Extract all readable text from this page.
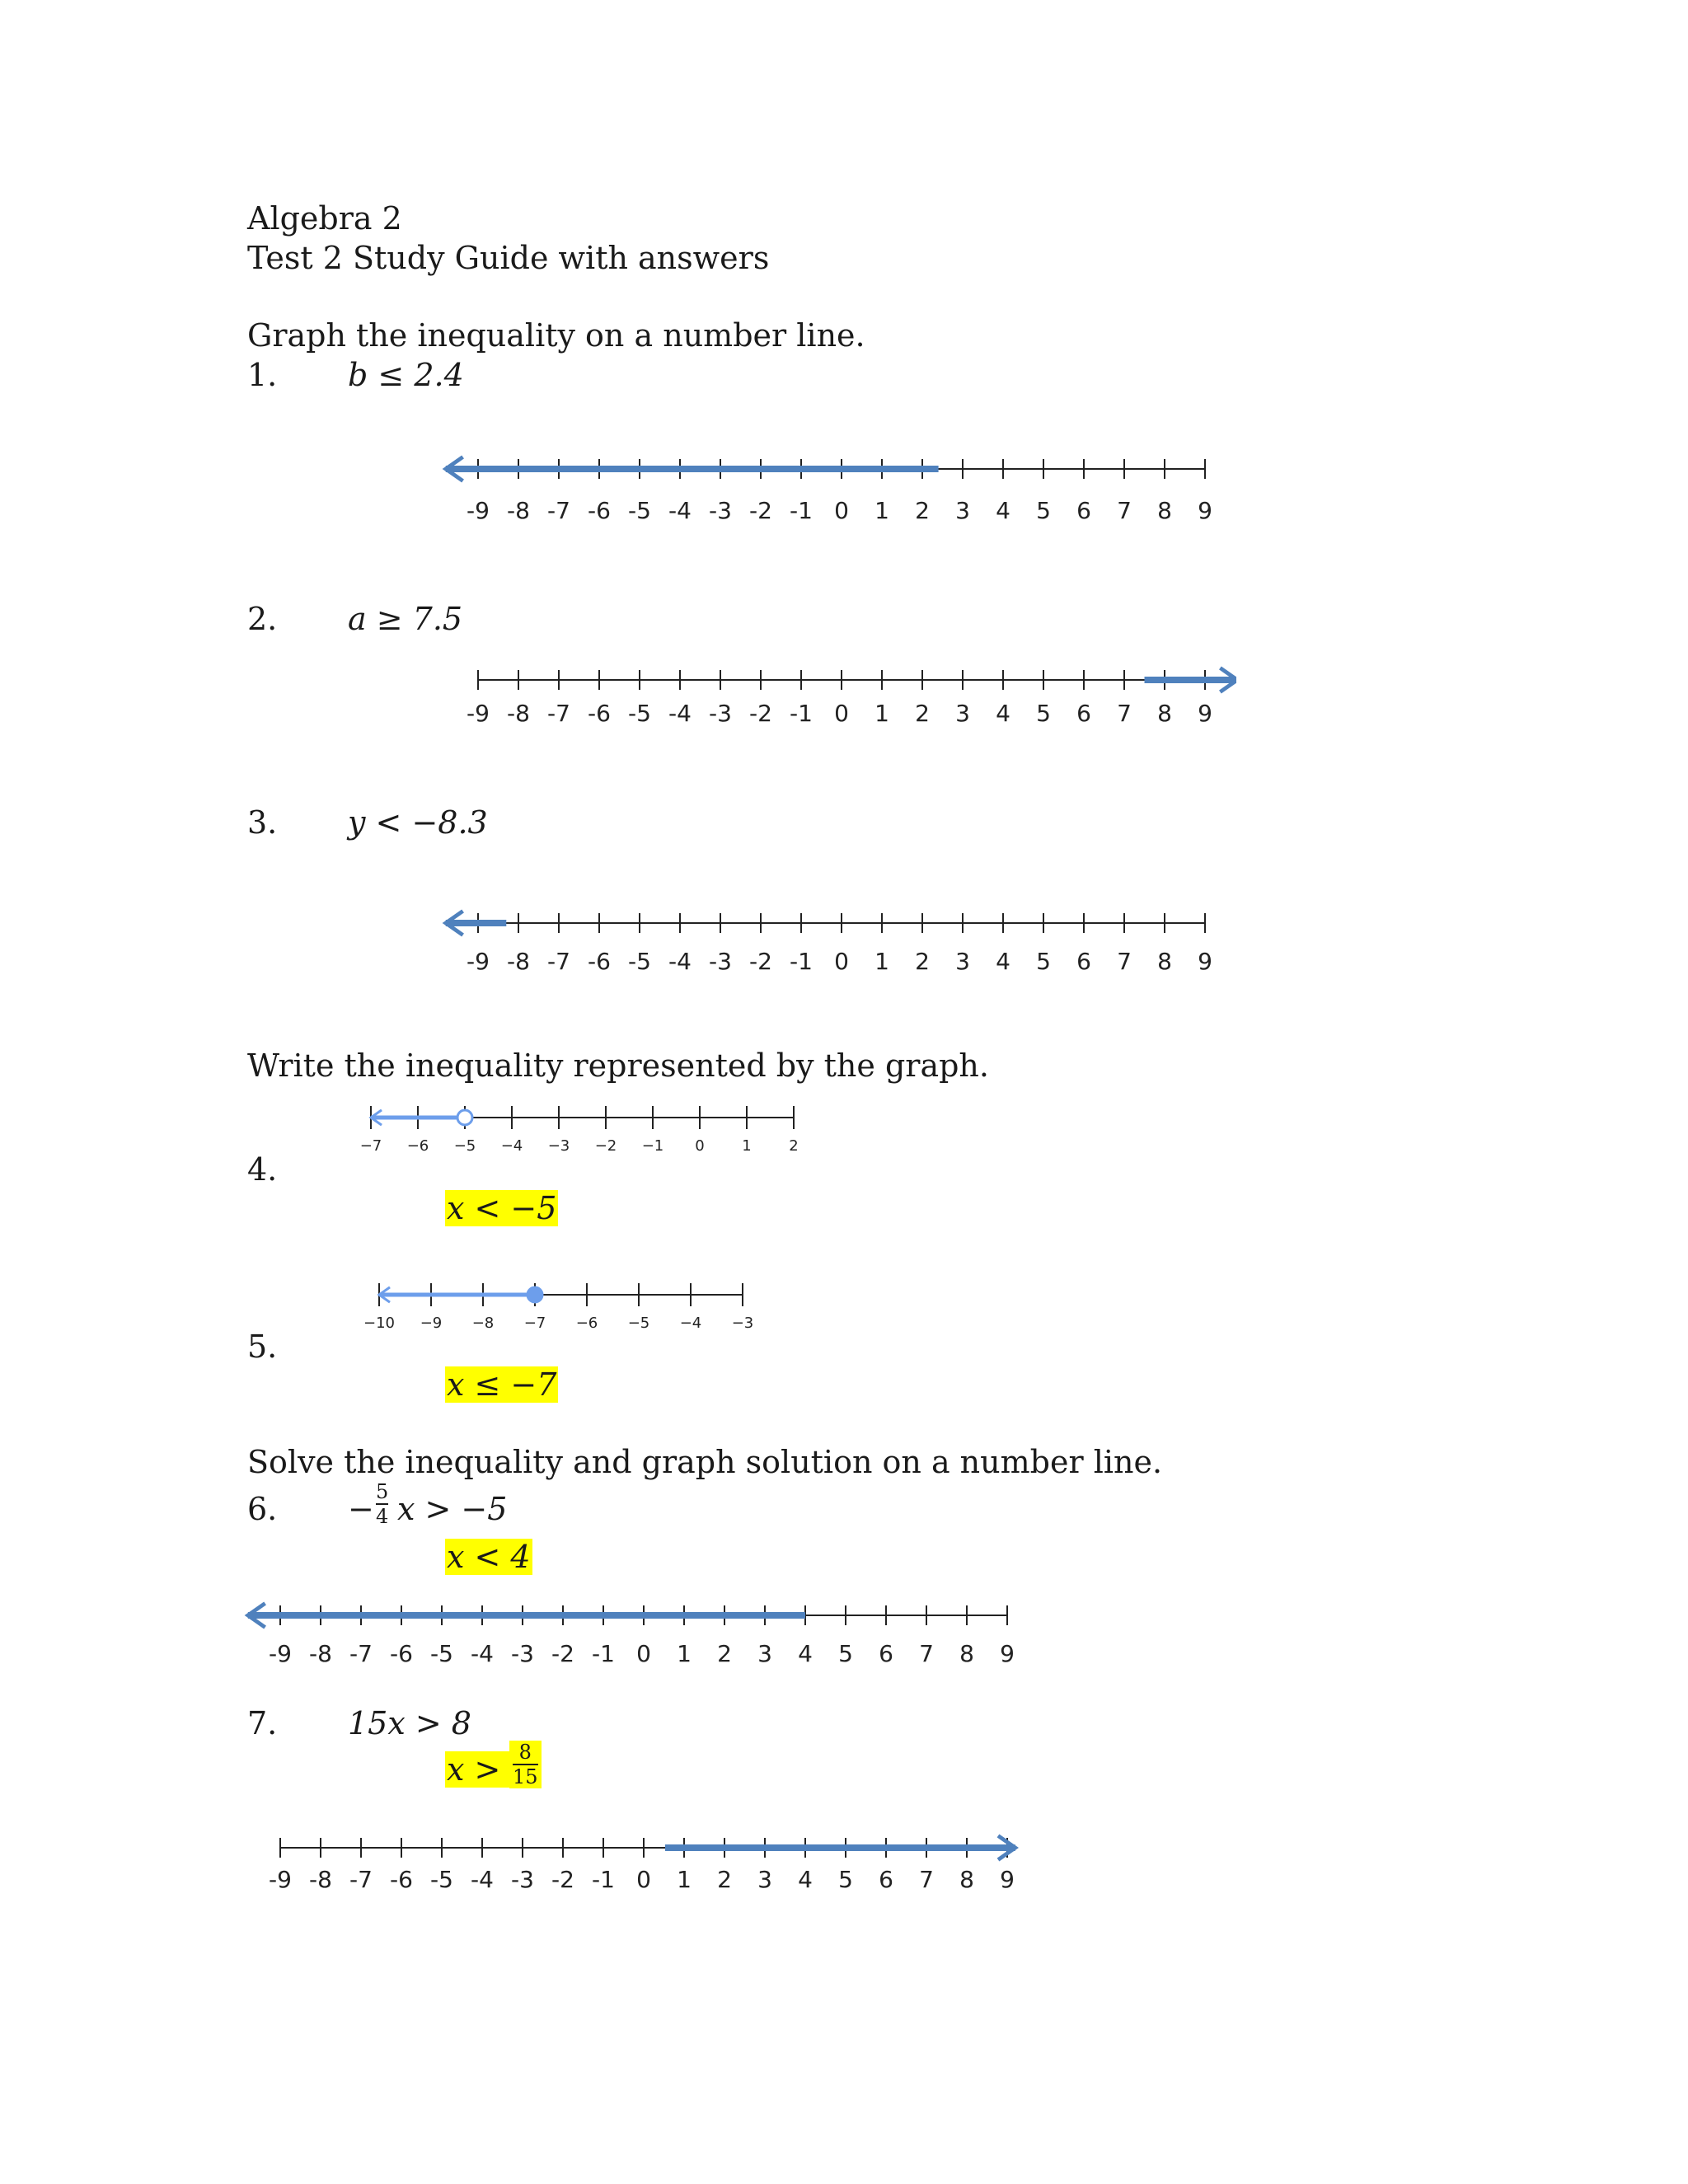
Algebra 2
Test 2 Study Guide with answers
Graph the inequality on a number line.
1. b ≤ 2.4
-9 -8 -7 -6 -5 -4 -3 -2 -1 0 1 2 3 4 5 6 7 8 9
2. a ≥ 7.5
-9 -8 -7 -6 -5 -4 -3 -2 -1 0 1 2 3 4 5 6 7 8 9
3. y < −8.3
-9 -8 -7 -6 -5 -4 -3 -2 -1 0 1 2 3 4 5 6 7 8 9
Write the inequality represented by the graph.
−7 −6 −5 −4 −3 −2 −1 0	1	2
4.
x < −5
−10 −9 −8 −7 −6 −5 −4 −3
5.
x ≤ −7
Solve the inequality and graph solution on a number line.
6. − 5
4 x > −5
x < 4
-9 -8 -7 -6 -5 -4 -3 -2 -1 0 1 2 3 4 5 6 7 8 9
7. 15x > 8
x > 8
15
-9 -8 -7 -6 -5 -4 -3 -2 -1 0 1 2 3 4 5 6 7 8 9
